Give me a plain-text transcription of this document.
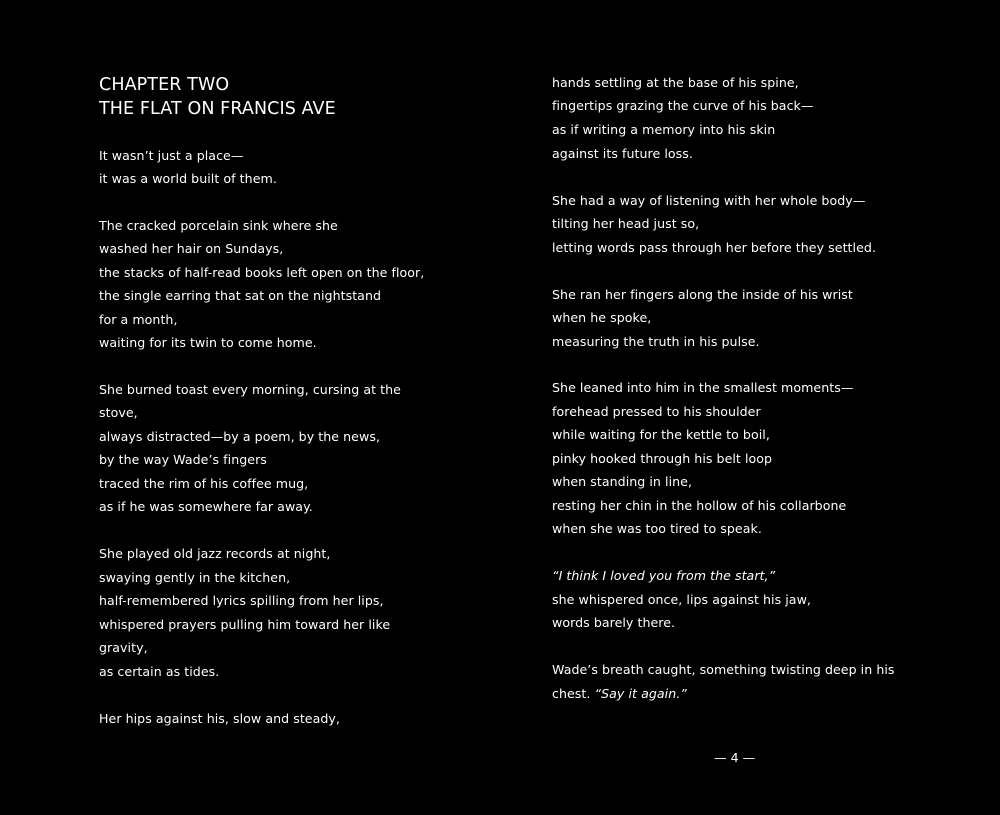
CHAPTER TWO
THE FLAT ON FRANCIS AVE
It wasn’t just a place—
it was a world built of them.
The cracked porcelain sink where she
washed her hair on Sundays,
the stacks of half-read books left open on the floor,
the single earring that sat on the nightstand
for a month,
waiting for its twin to come home.
She burned toast every morning, cursing at the
stove,
always distracted—by a poem, by the news,
by the way Wade’s fingers
traced the rim of his coffee mug,
as if he was somewhere far away.
She played old jazz records at night,
swaying gently in the kitchen,
half-remembered lyrics spilling from her lips,
whispered prayers pulling him toward her like
gravity,
as certain as tides.
Her hips against his, slow and steady,
hands settling at the base of his spine,
fingertips grazing the curve of his back—
as if writing a memory into his skin
against its future loss.
She had a way of listening with her whole body—
tilting her head just so,
letting words pass through her before they settled.
She ran her fingers along the inside of his wrist
when he spoke,
measuring the truth in his pulse.
She leaned into him in the smallest moments—
forehead pressed to his shoulder
while waiting for the kettle to boil,
pinky hooked through his belt loop
when standing in line,
resting her chin in the hollow of his collarbone
when she was too tired to speak.
“I think I loved you from the start,”
she whispered once, lips against his jaw,
words barely there.
Wade’s breath caught, something twisting deep in his
chest. “Say it again.”
— 4 —
